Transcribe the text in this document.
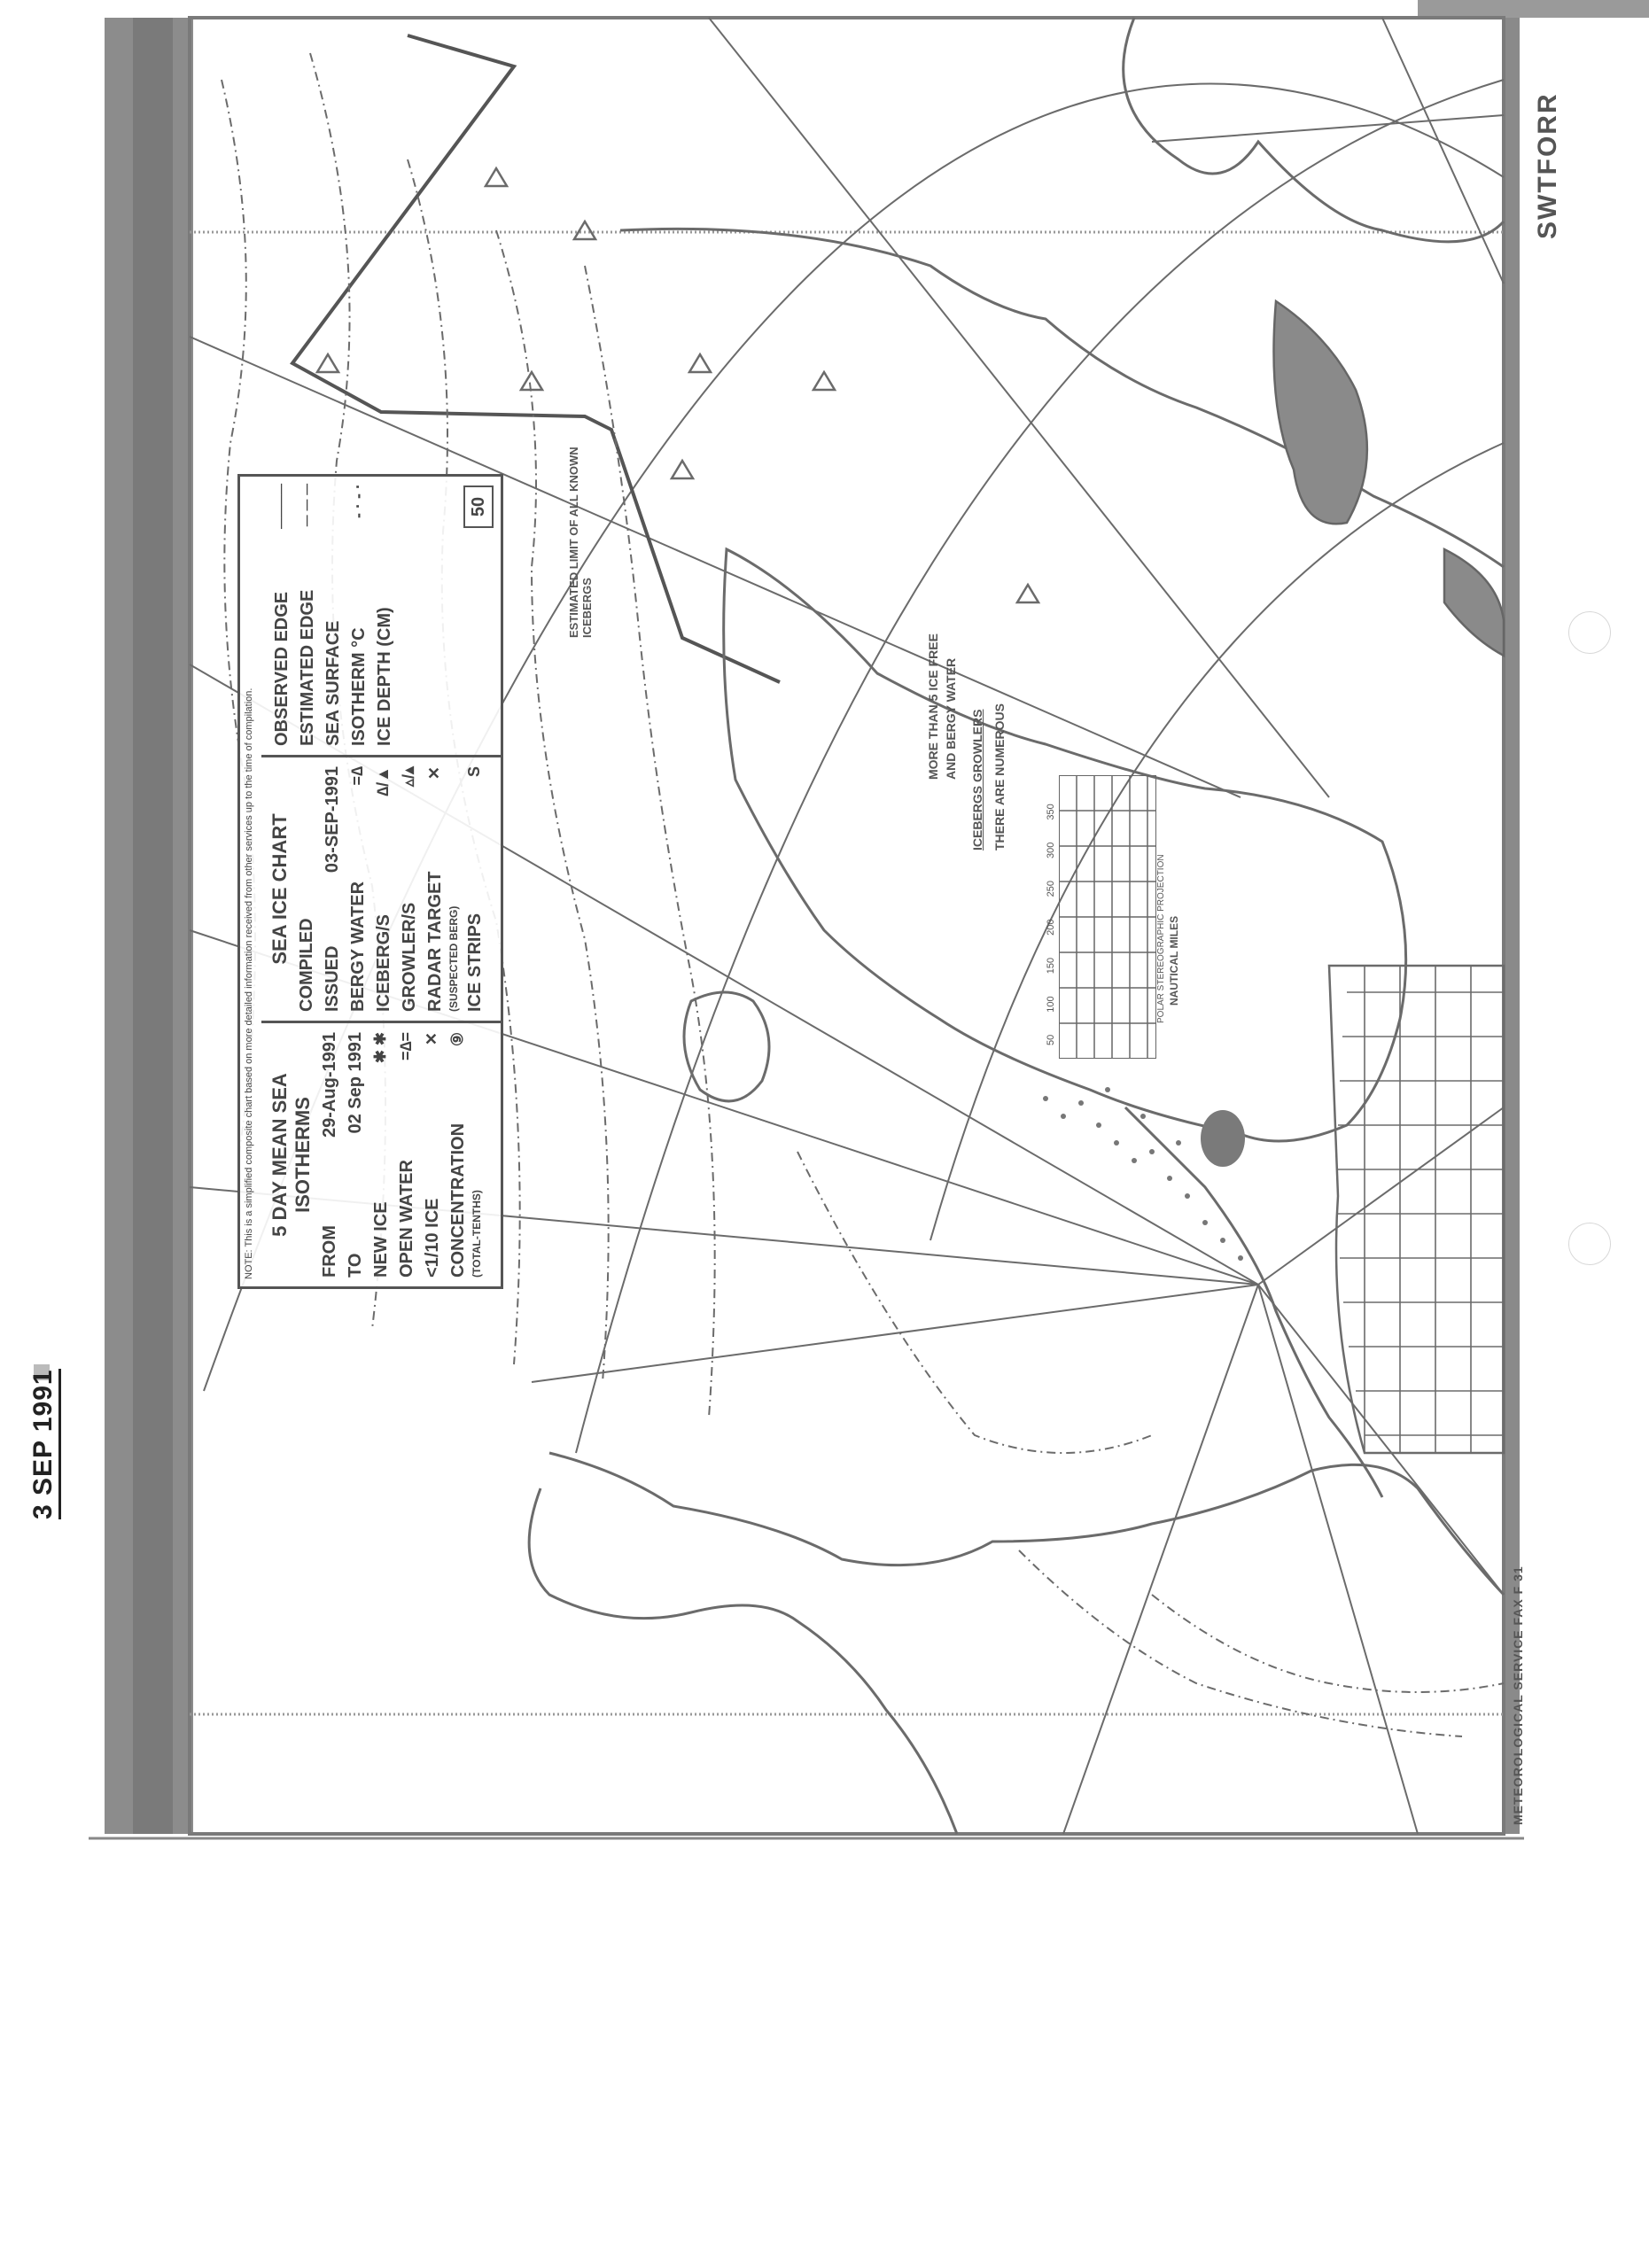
SWTFORR
METEOROLOGICAL SERVICE FAX F 31
ESTIMATED LIMIT OF ALL KNOWN ICEBERGS
THERE ARE NUMEROUS
ICEBERGS GROWLERS
AND BERGY WATER
MORE THAN 5 ICE FREE
NAUTICAL MILES
POLAR STEREOGRAPHIC PROJECTION
50 100 150 200 250 300 350
NOTE: This is a simplified composite chart based on more detailed information received from other services up to the time of compilation. 5 DAY MEAN SEA ISOTHERMS
FROM
29-Aug-1991
TO
02 Sep 1991
NEW ICE
✱ ✱
OPEN WATER
=∆=
<1/10 ICE
✕
CONCENTRATION
⑨
(TOTAL-TENTHS)
SEA ICE CHART
COMPILED ISSUED
03-SEP-1991
BERGY WATER
=∆
ICEBERG/S
∆/▲
GROWLER/S
▵/▴
RADAR TARGET
✕
(SUSPECTED BERG) ICE STRIPS
S
OBSERVED EDGE
────
ESTIMATED EDGE
─ ─ ─
SEA SURFACE ISOTHERM °C
- · - ·
ICE DEPTH (CM)
50
3 SEP 1991
